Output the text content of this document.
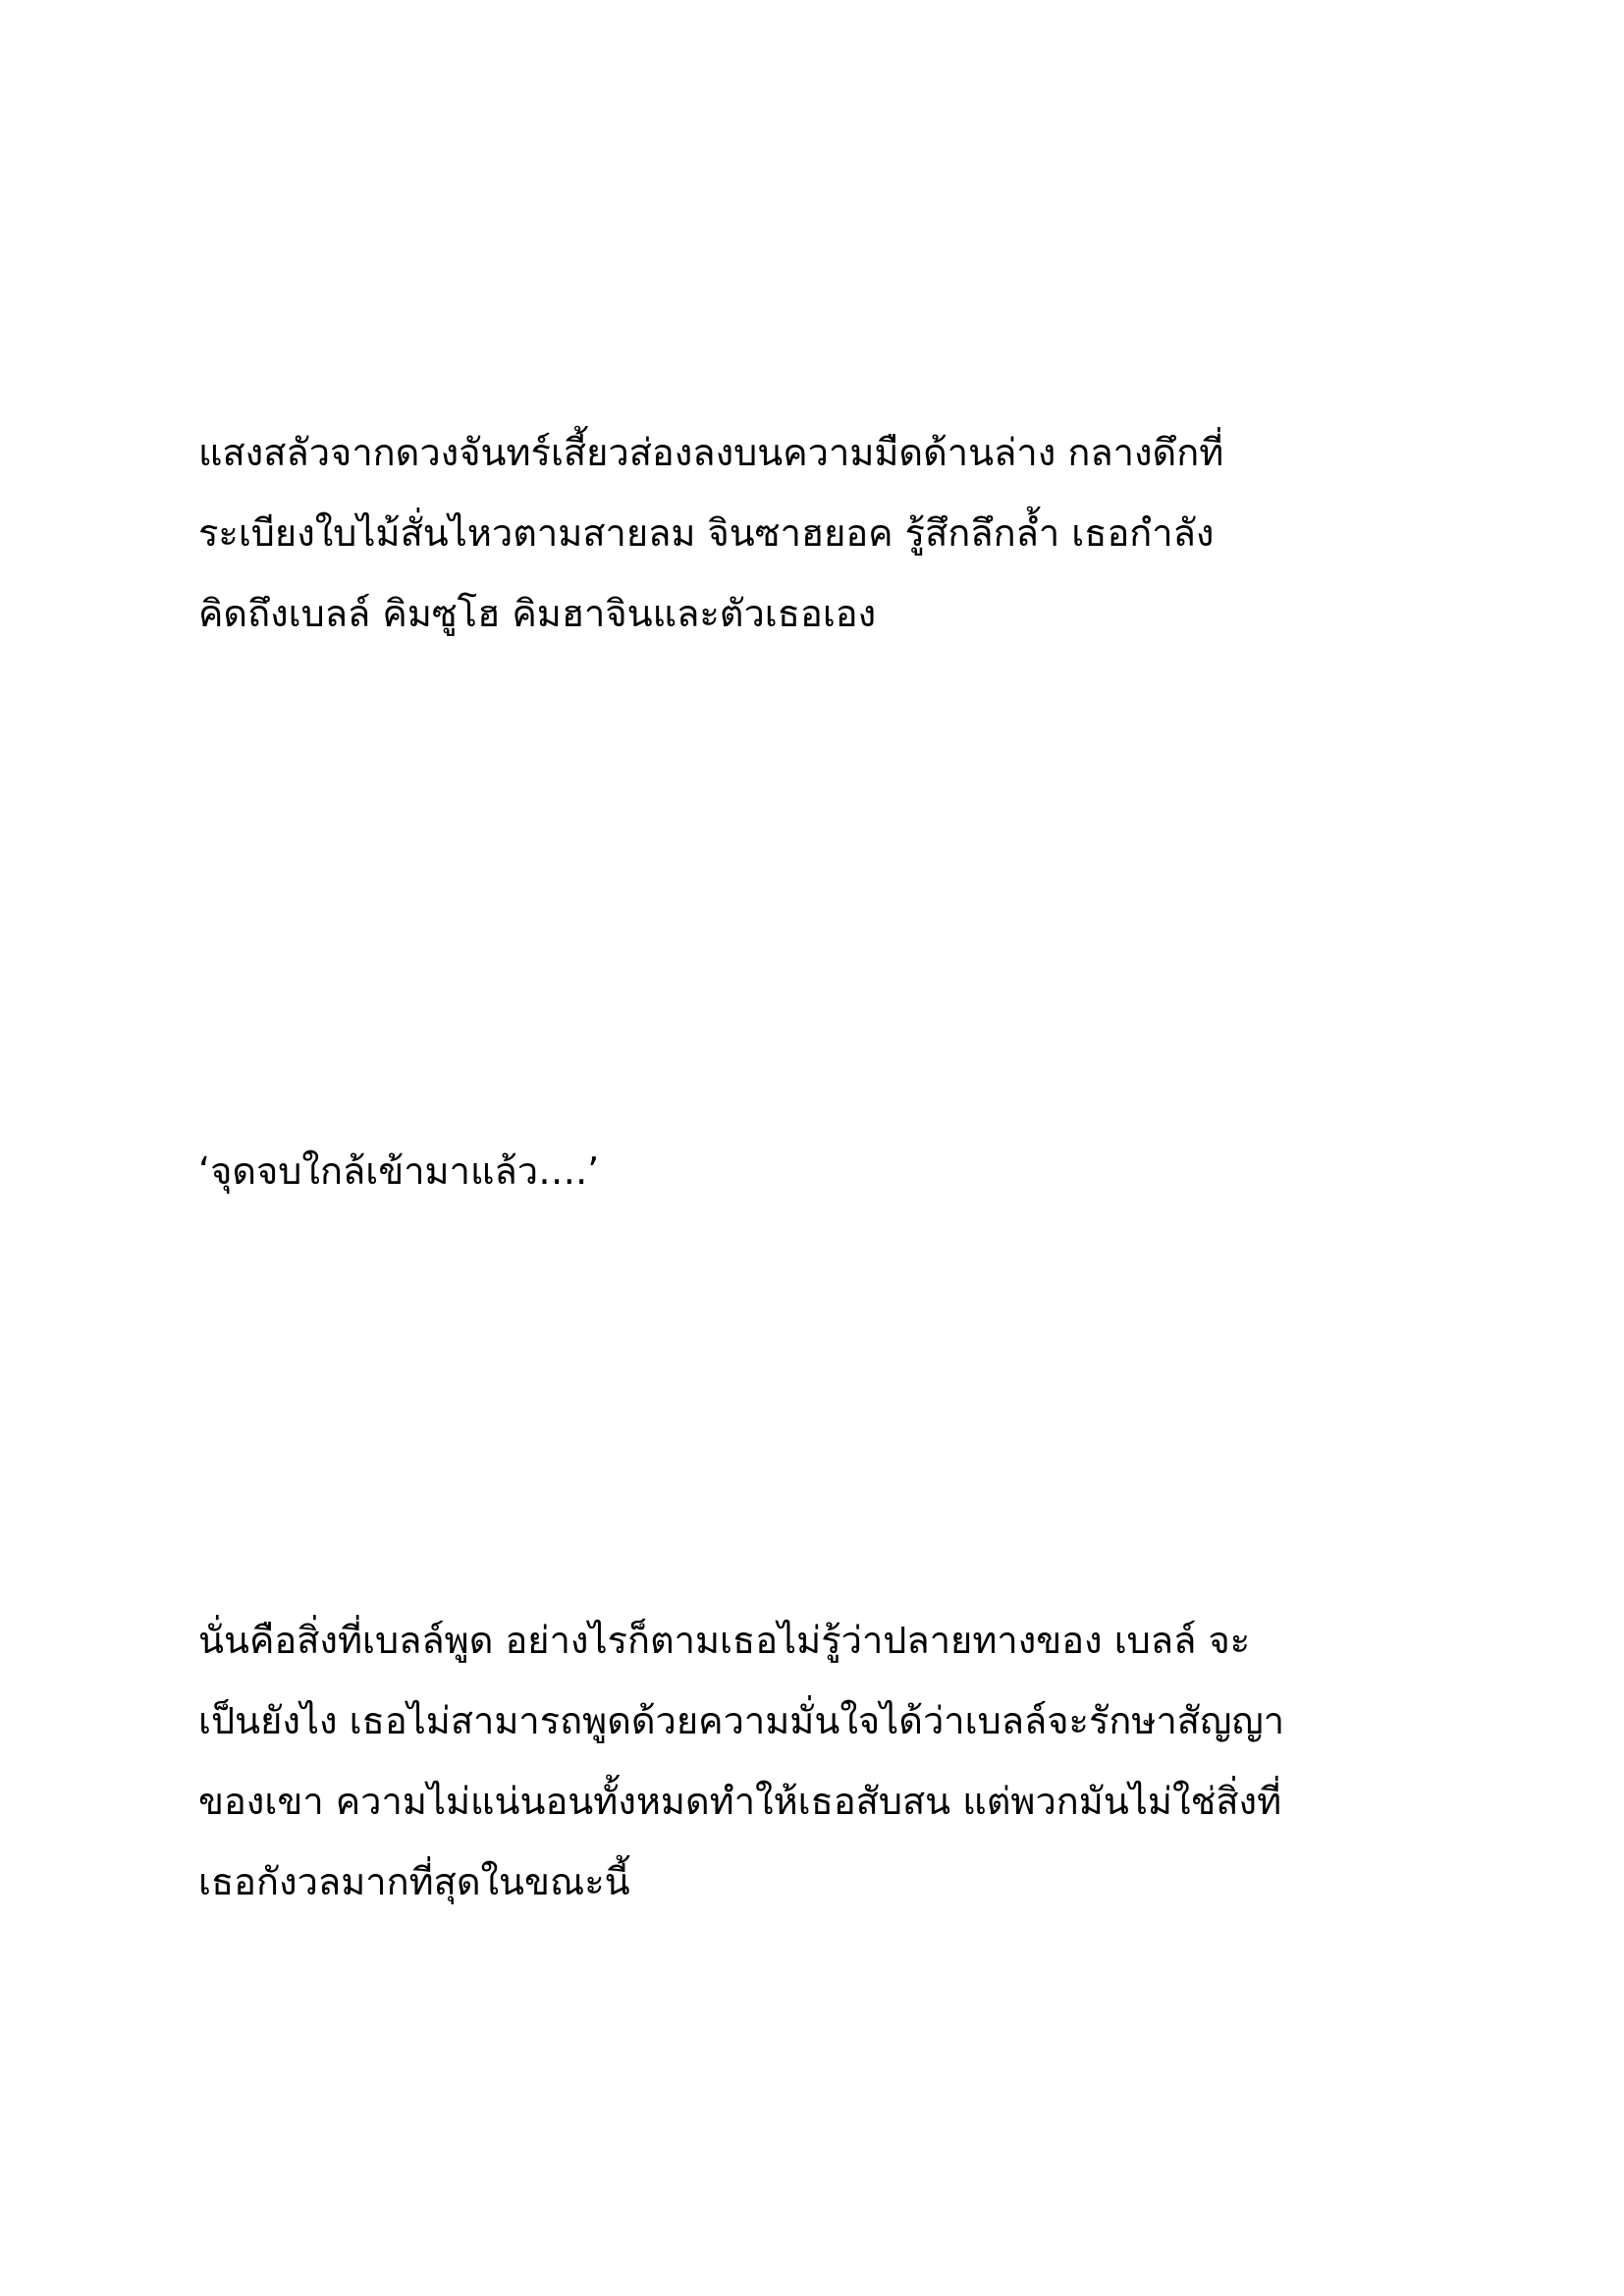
แสงสลัวจากดวงจันทร์เสี้ยวส่องลงบนความมืดด้านล่าง กลางดึกที่
ระเบียงใบไม้สั่นไหวตามสายลม จินซาฮยอค รู้สึกลึกล้ำ เธอกำลัง
คิดถึงเบลล์ คิมซูโฮ คิมฮาจินและตัวเธอเอง

‘จุดจบใกล้เข้ามาแล้ว….’

นั่นคือสิ่งที่เบลล์พูด อย่างไรก็ตามเธอไม่รู้ว่าปลายทางของ เบลล์ จะ
เป็นยังไง เธอไม่สามารถพูดด้วยความมั่นใจได้ว่าเบลล์จะรักษาสัญญา
ของเขา ความไม่แน่นอนทั้งหมดทำให้เธอสับสน แต่พวกมันไม่ใช่สิ่งที่
เธอกังวลมากที่สุดในขณะนี้
